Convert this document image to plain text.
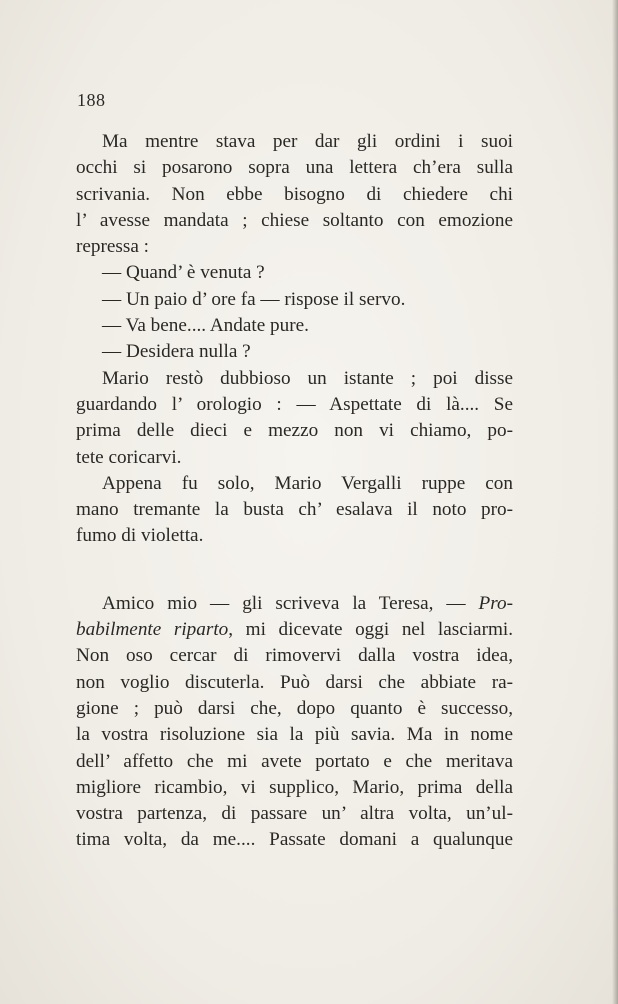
188
Ma mentre stava per dar gli ordini i suoi
occhi si posarono sopra una lettera ch’era sulla
scrivania. Non ebbe bisogno di chiedere chi
l’ avesse mandata ; chiese soltanto con emozione
repressa :
— Quand’ è venuta ?
— Un paio d’ ore fa — rispose il servo.
— Va bene.... Andate pure.
— Desidera nulla ?
Mario restò dubbioso un istante ; poi disse
guardando l’ orologio : — Aspettate di là.... Se
prima delle dieci e mezzo non vi chiamo, po-
tete coricarvi.
Appena fu solo, Mario Vergalli ruppe con
mano tremante la busta ch’ esalava il noto pro-
fumo di violetta.
Amico mio — gli scriveva la Teresa, — Pro-
babilmente riparto, mi dicevate oggi nel lasciarmi.
Non oso cercar di rimovervi dalla vostra idea,
non voglio discuterla. Può darsi che abbiate ra-
gione ; può darsi che, dopo quanto è successo,
la vostra risoluzione sia la più savia. Ma in nome
dell’ affetto che mi avete portato e che meritava
migliore ricambio, vi supplico, Mario, prima della
vostra partenza, di passare un’ altra volta, un’ul-
tima volta, da me.... Passate domani a qualunque
